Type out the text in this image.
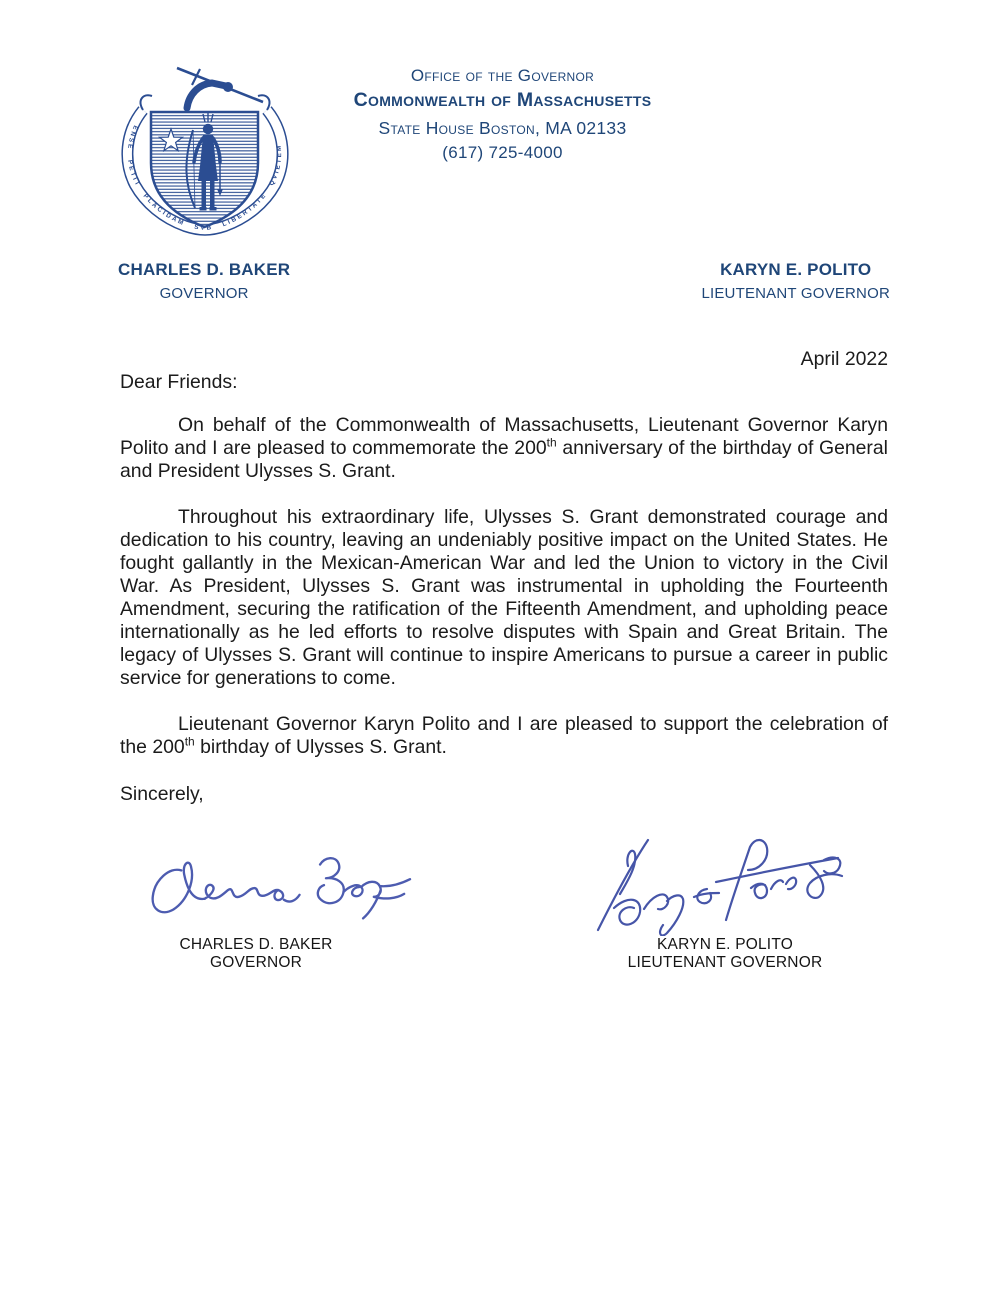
ENSE PETIT PLACIDAM SVB LIBERTATE QVIETEM
Office of the Governor
Commonwealth of Massachusetts
State House Boston, MA 02133
(617) 725-4000
CHARLES D. BAKER
GOVERNOR
KARYN E. POLITO
LIEUTENANT GOVERNOR
April 2022
Dear Friends:

On behalf of the Commonwealth of Massachusetts, Lieutenant Governor Karyn Polito and I are pleased to commemorate the 200th anniversary of the birthday of General and President Ulysses S. Grant.

Throughout his extraordinary life, Ulysses S. Grant demonstrated courage and dedication to his country, leaving an undeniably positive impact on the United States. He fought gallantly in the Mexican-American War and led the Union to victory in the Civil War. As President, Ulysses S. Grant was instrumental in upholding the Fourteenth Amendment, securing the ratification of the Fifteenth Amendment, and upholding peace internationally as he led efforts to resolve disputes with Spain and Great Britain. The legacy of Ulysses S. Grant will continue to inspire Americans to pursue a career in public service for generations to come.

Lieutenant Governor Karyn Polito and I are pleased to support the celebration of the 200th birthday of Ulysses S. Grant.

Sincerely,
CHARLES D. BAKER
GOVERNOR
KARYN E. POLITO
LIEUTENANT GOVERNOR
